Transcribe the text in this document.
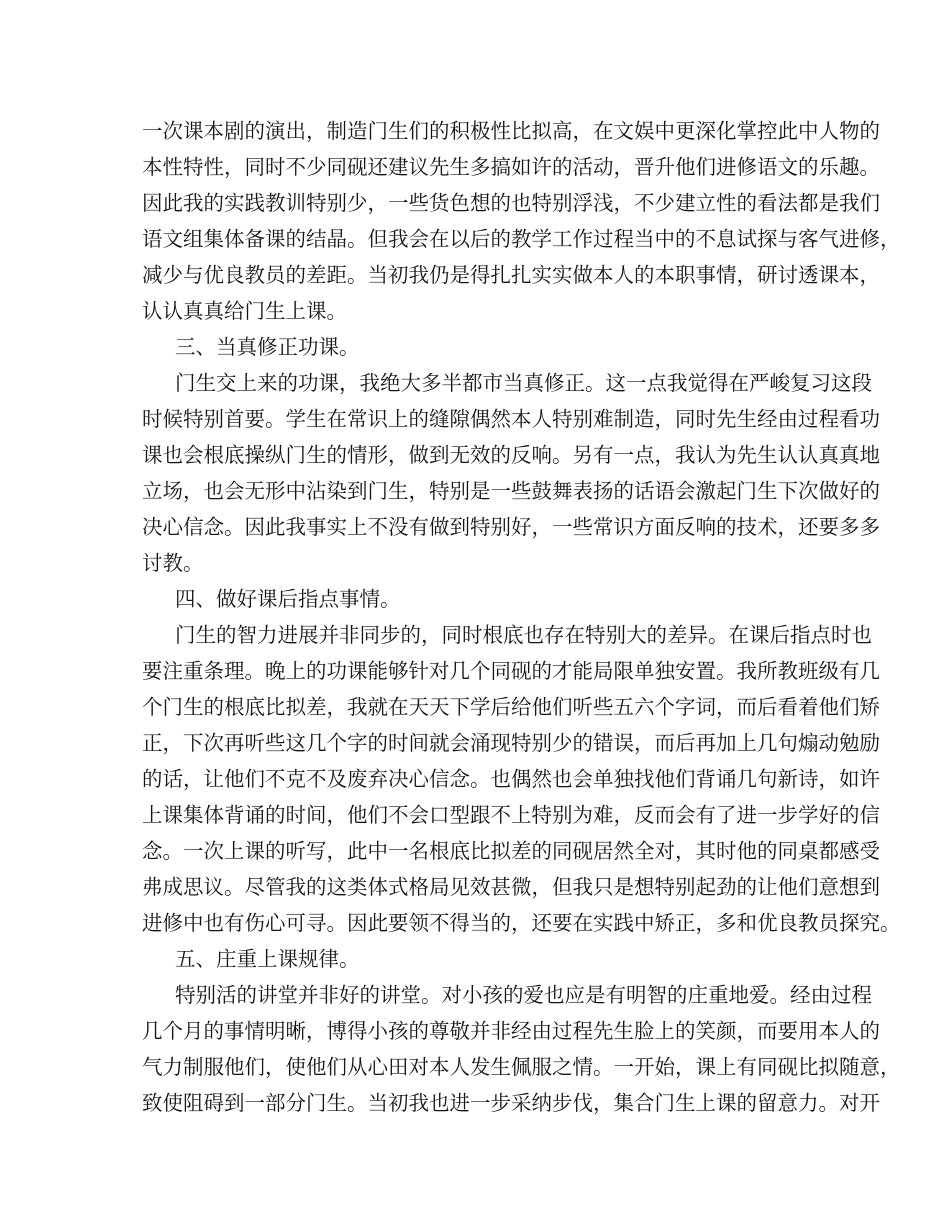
一次课本剧的演出，制造门生们的积极性比拟高，在文娱中更深化掌控此中人物的
本性特性，同时不少同砚还建议先生多搞如许的活动，晋升他们进修语文的乐趣。
因此我的实践教训特别少，一些货色想的也特别浮浅，不少建立性的看法都是我们
语文组集体备课的结晶。但我会在以后的教学工作过程当中的不息试探与客气进修，
减少与优良教员的差距。当初我仍是得扎扎实实做本人的本职事情，研讨透课本，
认认真真给门生上课。
三、当真修正功课。
门生交上来的功课，我绝大多半都市当真修正。这一点我觉得在严峻复习这段
时候特别首要。学生在常识上的缝隙偶然本人特别难制造，同时先生经由过程看功
课也会根底操纵门生的情形，做到无效的反响。另有一点，我认为先生认认真真地
立场，也会无形中沾染到门生，特别是一些鼓舞表扬的话语会激起门生下次做好的
决心信念。因此我事实上不没有做到特别好，一些常识方面反响的技术，还要多多
讨教。
四、做好课后指点事情。
门生的智力进展并非同步的，同时根底也存在特别大的差异。在课后指点时也
要注重条理。晚上的功课能够针对几个同砚的才能局限单独安置。我所教班级有几
个门生的根底比拟差，我就在天天下学后给他们听些五六个字词，而后看着他们矫
正，下次再听些这几个字的时间就会涌现特别少的错误，而后再加上几句煽动勉励
的话，让他们不克不及废弃决心信念。也偶然也会单独找他们背诵几句新诗，如许
上课集体背诵的时间，他们不会口型跟不上特别为难，反而会有了进一步学好的信
念。一次上课的听写，此中一名根底比拟差的同砚居然全对，其时他的同桌都感受
弗成思议。尽管我的这类体式格局见效甚微，但我只是想特别起劲的让他们意想到
进修中也有伤心可寻。因此要领不得当的，还要在实践中矫正，多和优良教员探究。
五、庄重上课规律。
特别活的讲堂并非好的讲堂。对小孩的爱也应是有明智的庄重地爱。经由过程
几个月的事情明晰，博得小孩的尊敬并非经由过程先生脸上的笑颜，而要用本人的
气力制服他们，使他们从心田对本人发生佩服之情。一开始，课上有同砚比拟随意，
致使阻碍到一部分门生。当初我也进一步采纳步伐，集合门生上课的留意力。对开
